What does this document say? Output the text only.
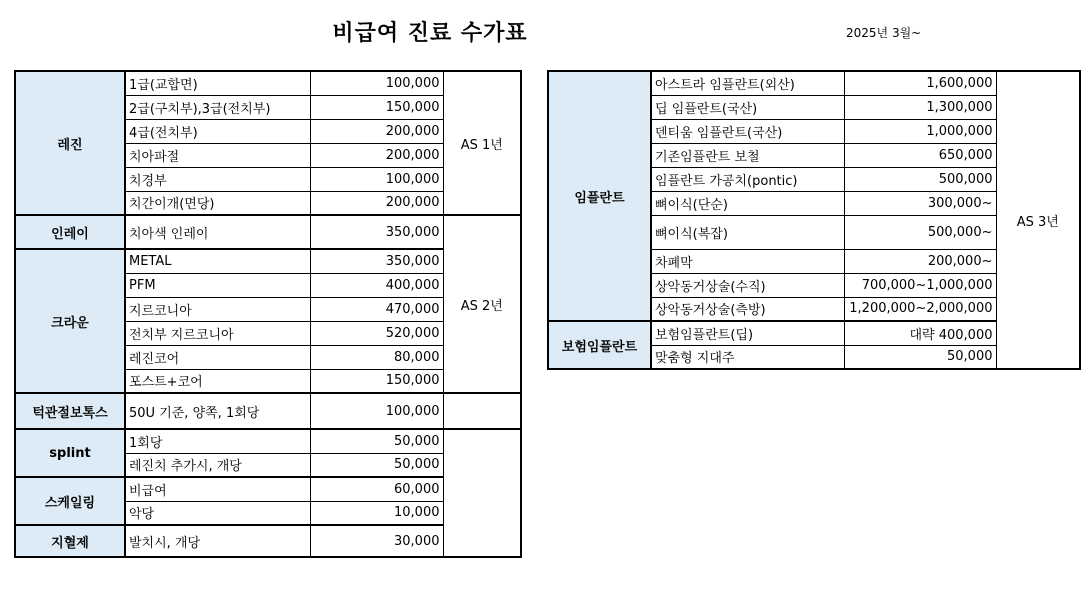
비급여 진료 수가표	2025년 3월~
레진	1급(교합면)	100,000	AS 1년
	2급(구치부),3급(전치부)	150,000	
	4급(전치부)	200,000	
	치아파절	200,000	
	치경부	100,000	
	치간이개(면당)	200,000	
인레이	치아색 인레이	350,000	AS 2년
크라운	METAL	350,000	
	PFM	400,000	
	지르코니아	470,000	
	전치부 지르코니아	520,000	
	레진코어	80,000	
	포스트+코어	150,000	
턱관절보톡스	50U 기준, 양쪽, 1회당	100,000	
splint	1회당	50,000	
	레진치 추가시, 개당	50,000	
스케일링	비급여	60,000	
	악당	10,000	
지혈제	발치시, 개당	30,000	
임플란트	아스트라 임플란트(외산)	1,600,000	AS 3년
	딥 임플란트(국산)	1,300,000	
	덴티움 임플란트(국산)	1,000,000	
	기존임플란트 보철	650,000	
	임플란트 가공치(pontic)	500,000	
	뼈이식(단순)	300,000~	
	뼈이식(복잡)	500,000~	
	차폐막	200,000~	
	상악동거상술(수직)	700,000~1,000,000	
	상악동거상술(측방)	1,200,000~2,000,000	
보험임플란트	보험임플란트(딥)	대략 400,000	
	맞춤형 지대주	50,000	
